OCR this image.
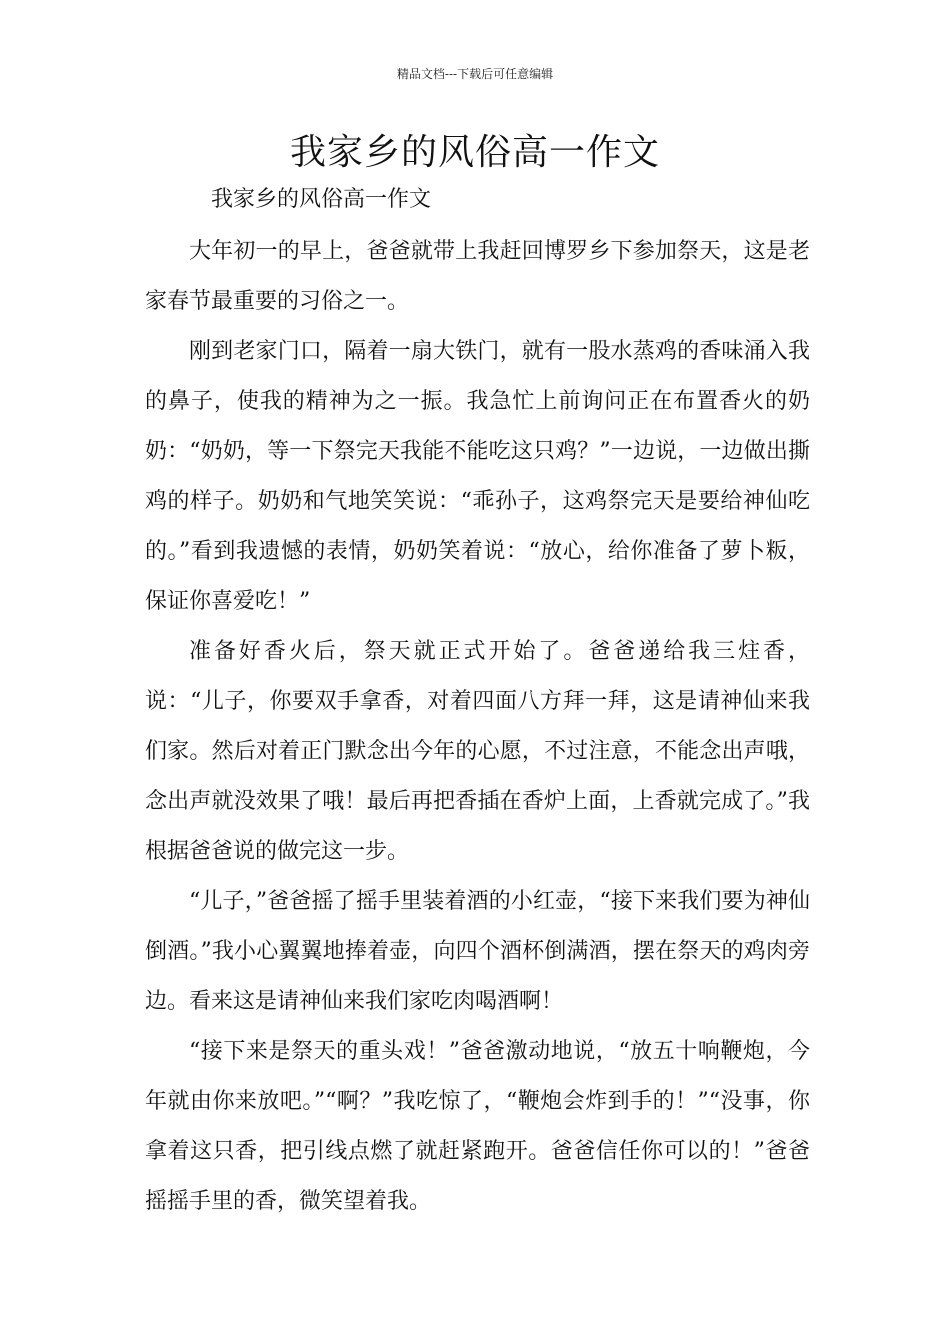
精品文档---下载后可任意编辑
我家乡的风俗高一作文

我家乡的风俗高一作文

大年初一的早上，爸爸就带上我赶回博罗乡下参加祭天，这是老家春节最重要的习俗之一。

刚到老家门口，隔着一扇大铁门，就有一股水蒸鸡的香味涌入我的鼻子，使我的精神为之一振。我急忙上前询问正在布置香火的奶奶：“奶奶，等一下祭完天我能不能吃这只鸡？”一边说，一边做出撕鸡的样子。奶奶和气地笑笑说：“乖孙子，这鸡祭完天是要给神仙吃的。”看到我遗憾的表情，奶奶笑着说：“放心，给你准备了萝卜粄，保证你喜爱吃！”

准备好香火后，祭天就正式开始了。爸爸递给我三炷香，说：“儿子，你要双手拿香，对着四面八方拜一拜，这是请神仙来我们家。然后对着正门默念出今年的心愿，不过注意，不能念出声哦，念出声就没效果了哦！最后再把香插在香炉上面，上香就完成了。”我根据爸爸说的做完这一步。

“儿子，”爸爸摇了摇手里装着酒的小红壶，“接下来我们要为神仙倒酒。”我小心翼翼地捧着壶，向四个酒杯倒满酒，摆在祭天的鸡肉旁边。看来这是请神仙来我们家吃肉喝酒啊！

“接下来是祭天的重头戏！”爸爸激动地说，“放五十响鞭炮，今年就由你来放吧。”“啊？”我吃惊了，“鞭炮会炸到手的！”“没事，你拿着这只香，把引线点燃了就赶紧跑开。爸爸信任你可以的！”爸爸摇摇手里的香，微笑望着我。
